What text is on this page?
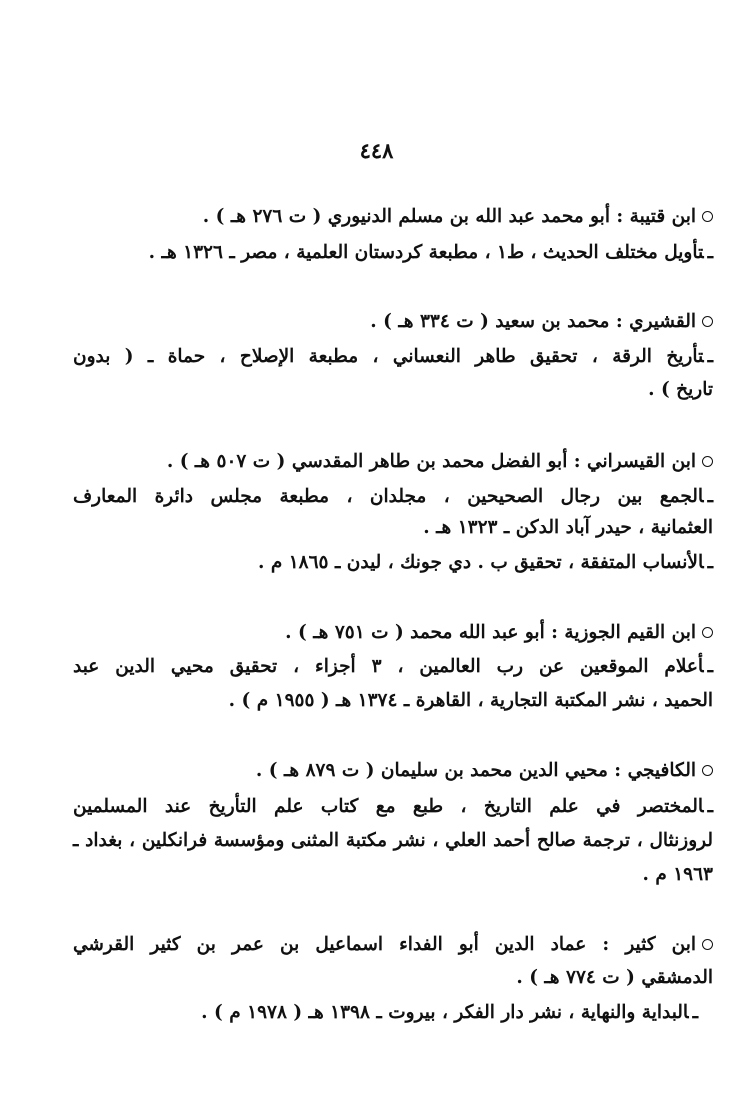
٤٤٨
ابن قتيبة : أبو محمد عبد الله بن مسلم الدنيوري ( ت ٢٧٦ هـ ) .
ـتأويل مختلف الحديث ، ط١ ، مطبعة كردستان العلمية ، مصر ـ ١٣٢٦ هـ .
القشيري : محمد بن سعيد ( ت ٣٣٤ هـ ) .
ـتأريخ الرقة ، تحقيق طاهر النعساني ، مطبعة الإصلاح ، حماة ـ ( بدون
تاريخ ) .
ابن القيسراني : أبو الفضل محمد بن طاهر المقدسي ( ت ٥٠٧ هـ ) .
ـالجمع بين رجال الصحيحين ، مجلدان ، مطبعة مجلس دائرة المعارف
العثمانية ، حيدر آباد الدكن ـ ١٣٢٣ هـ .
ـالأنساب المتفقة ، تحقيق ب . دي جونك ، ليدن ـ ١٨٦٥ م .
ابن القيم الجوزية : أبو عبد الله محمد ( ت ٧٥١ هـ ) .
ـأعلام الموقعين عن رب العالمين ، ٣ أجزاء ، تحقيق محيي الدين عبد
الحميد ، نشر المكتبة التجارية ، القاهرة ـ ١٣٧٤ هـ ( ١٩٥٥ م ) .
الكافيجي : محيي الدين محمد بن سليمان ( ت ٨٧٩ هـ ) .
ـالمختصر في علم التاريخ ، طبع مع كتاب علم التأريخ عند المسلمين
لروزنثال ، ترجمة صالح أحمد العلي ، نشر مكتبة المثنى ومؤسسة فرانكلين ، بغداد ـ
١٩٦٣ م .
ابن كثير : عماد الدين أبو الفداء اسماعيل بن عمر بن كثير القرشي
الدمشقي ( ت ٧٧٤ هـ ) .
ـالبداية والنهاية ، نشر دار الفكر ، بيروت ـ ١٣٩٨ هـ ( ١٩٧٨ م ) .
